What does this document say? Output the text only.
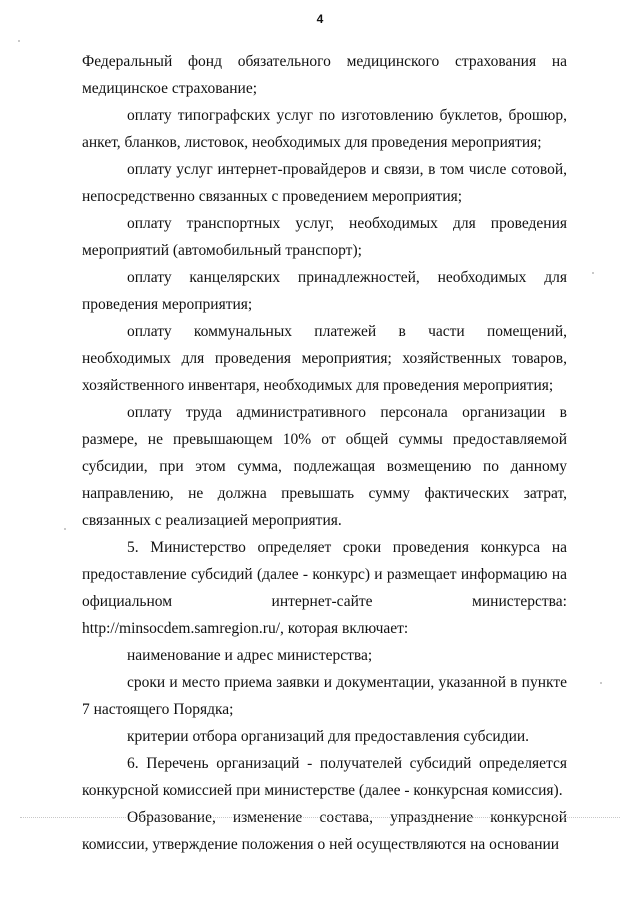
4

Федеральный фонд обязательного медицинского страхования на медицинское страхование;

оплату типографских услуг по изготовлению буклетов, брошюр, анкет, бланков, листовок, необходимых для проведения мероприятия;

оплату услуг интернет-провайдеров и связи, в том числе сотовой, непосредственно связанных с проведением мероприятия;

оплату транспортных услуг, необходимых для проведения мероприятий (автомобильный транспорт);

оплату канцелярских принадлежностей, необходимых для проведения мероприятия;

оплату коммунальных платежей в части помещений, необходимых для проведения мероприятия; хозяйственных товаров, хозяйственного инвентаря, необходимых для проведения мероприятия;

оплату труда административного персонала организации в размере, не превышающем 10% от общей суммы предоставляемой субсидии, при этом сумма, подлежащая возмещению по данному направлению, не должна превышать сумму фактических затрат, связанных с реализацией мероприятия.

5. Министерство определяет сроки проведения конкурса на предоставление субсидий (далее - конкурс) и размещает информацию на официальном интернет-сайте министерства: http://minsocdem.samregion.ru/, которая включает:

наименование и адрес министерства;

сроки и место приема заявки и документации, указанной в пункте 7 настоящего Порядка;

критерии отбора организаций для предоставления субсидии.

6. Перечень организаций - получателей субсидий определяется конкурсной комиссией при министерстве (далее - конкурсная комиссия).

Образование, изменение состава, упразднение конкурсной комиссии, утверждение положения о ней осуществляются на основании
